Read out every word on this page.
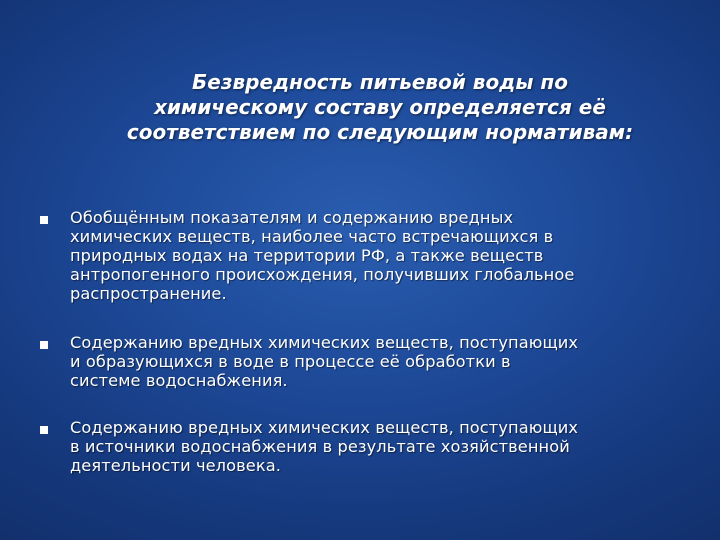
Безвредность питьевой воды по
химическому составу определяется её
соответствием по следующим нормативам:
Обобщённым показателям и содержанию вредных
химических веществ, наиболее часто встречающихся в
природных водах на территории РФ, а также веществ
антропогенного происхождения, получивших глобальное
распространение.
Содержанию вредных химических веществ, поступающих
и образующихся в воде в процессе её обработки в
системе водоснабжения.
Содержанию вредных химических веществ, поступающих
в источники водоснабжения в результате хозяйственной
деятельности человека.
